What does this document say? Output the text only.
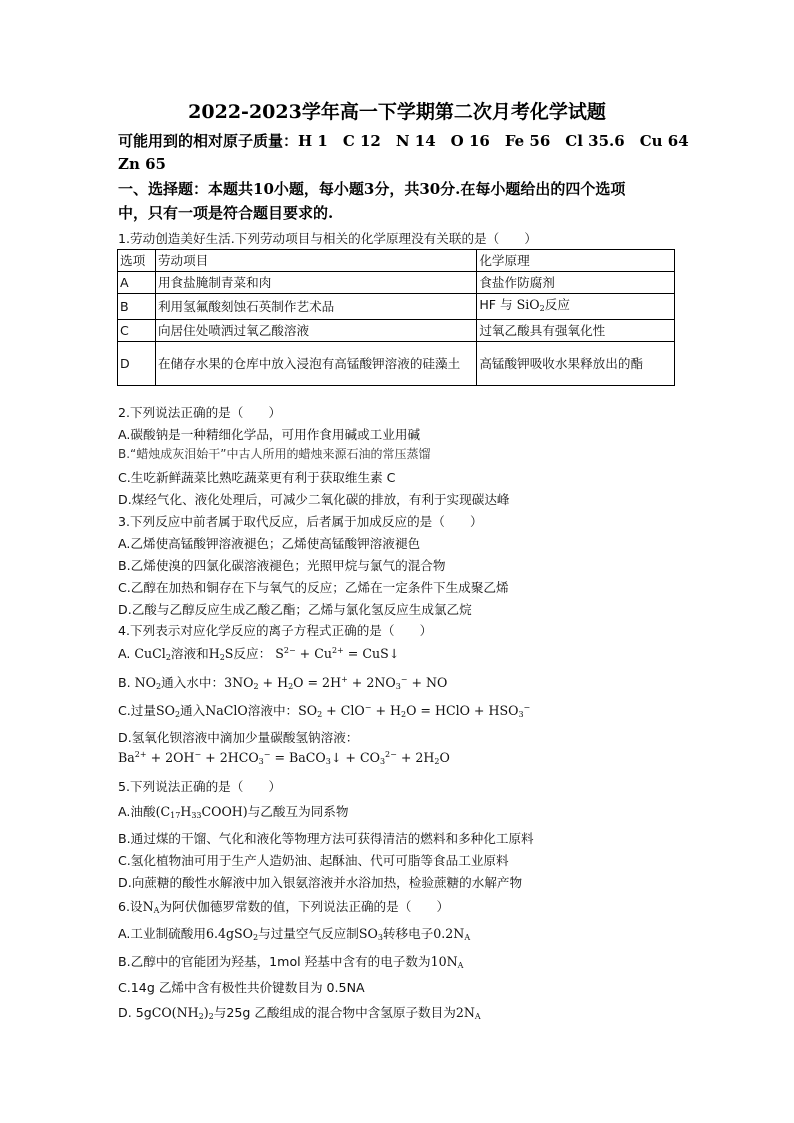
2022-2023学年高一下学期第二次月考化学试题
可能用到的相对原子质量：H 1　C 12　N 14　O 16　Fe 56　Cl 35.6　Cu 64
Zn 65
一、选择题：本题共10小题，每小题3分，共30分.在每小题给出的四个选项
中，只有一项是符合题目要求的.
1.劳动创造美好生活.下列劳动项目与相关的化学原理没有关联的是（　　）
选项	劳动项目	化学原理
A	用食盐腌制青菜和肉	食盐作防腐剂
B	利用氢氟酸刻蚀石英制作艺术品	HF 与 SiO$_2$反应
C	向居住处喷洒过氧乙酸溶液	过氧乙酸具有强氧化性
D	在储存水果的仓库中放入浸泡有高锰酸钾溶液的硅藻土	高锰酸钾吸收水果释放出的酯
2.下列说法正确的是（　　）
A.碳酸钠是一种精细化学品，可用作食用碱或工业用碱
B.“蜡烛成灰泪始干”中古人所用的蜡烛来源石油的常压蒸馏
C.生吃新鲜蔬菜比熟吃蔬菜更有利于获取维生素 C
D.煤经气化、液化处理后，可减少二氧化碳的排放，有利于实现碳达峰
3.下列反应中前者属于取代反应，后者属于加成反应的是（　　）
A.乙烯使高锰酸钾溶液褪色；乙烯使高锰酸钾溶液褪色
B.乙烯使溴的四氯化碳溶液褪色；光照甲烷与氯气的混合物
C.乙醇在加热和铜存在下与氧气的反应；乙烯在一定条件下生成聚乙烯
D.乙酸与乙醇反应生成乙酸乙酯；乙烯与氯化氢反应生成氯乙烷
4.下列表示对应化学反应的离子方程式正确的是（　　）
A. CuCl$_2$溶液和$H_2S$反应： $S^{2-} + Cu^{2+}$ = CuS↓
B. $NO_2$通入水中：$3NO_2 + H_2O = 2H^+ + 2NO_3^-$ + NO
C.过量$SO_2$通入NaClO溶液中：$SO_2 + ClO^- + H_2O$ = HClO + $HSO_3^-$
D.氢氧化钡溶液中滴加少量碳酸氢钠溶液：
$Ba^{2+} + 2OH^- + 2HCO_3^-$ = BaCO$_3$↓ + $CO_3^{2-} + 2H_2O$
5.下列说法正确的是（　　）
A.油酸$(C_{17}H_{33}COOH)$与乙酸互为同系物
B.通过煤的干馏、气化和液化等物理方法可获得清洁的燃料和多种化工原料
C.氢化植物油可用于生产人造奶油、起酥油、代可可脂等食品工业原料
D.向蔗糖的酸性水解液中加入银氨溶液并水浴加热，检验蔗糖的水解产物
6.设$N_A$为阿伏伽德罗常数的值，下列说法正确的是（　　）
A.工业制硫酸用6.4gSO$_2$与过量空气反应制$SO_3$转移电子$0.2N_A$
B.乙醇中的官能团为羟基，1mol 羟基中含有的电子数为$10N_A$
C.14g 乙烯中含有极性共价键数目为 0.5NA
D. $5gCO(NH_2)_2$与25g 乙酸组成的混合物中含氢原子数目为$2N_A$
